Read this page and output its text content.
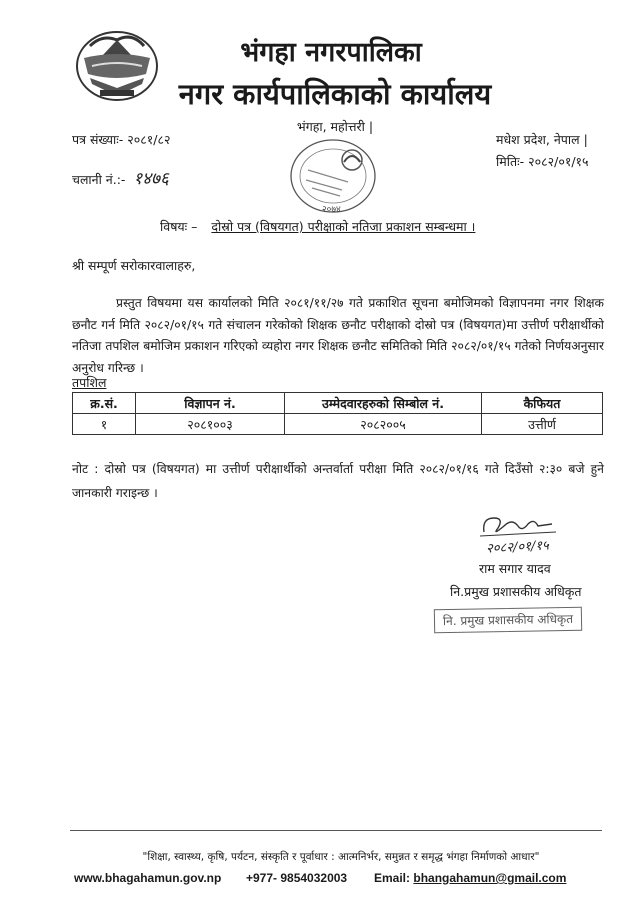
भंगहा नगरपालिका
नगर कार्यपालिकाको कार्यालय
पत्र संख्याः- २०८१/८२
चलानी नं.:- १४७६
भंगहा, महोत्तरी |
२०७४
मधेश प्रदेश, नेपाल |
मितिः- २०८२/०१/१५
विषयः – दोस्रो पत्र (विषयगत) परीक्षाको नतिजा प्रकाशन सम्बन्धमा ।
श्री सम्पूर्ण सरोकारवालाहरु,
प्रस्तुत विषयमा यस कार्यालको मिति २०८१/११/२७ गते प्रकाशित सूचना बमोजिमको विज्ञापनमा नगर शिक्षक छनौट गर्न मिति २०८२/०१/१५ गते संचालन गरेकोको शिक्षक छनौट परीक्षाको दोस्रो पत्र (विषयगत)मा उत्तीर्ण परीक्षार्थीको नतिजा तपशिल बमोजिम प्रकाशन गरिएको व्यहोरा नगर शिक्षक छनौट समितिको मिति २०८२/०१/१५ गतेको निर्णयअनुसार अनुरोध गरिन्छ ।
तपशिल
क्र.सं.	विज्ञापन नं.	उम्मेदवारहरुको सिम्बोल नं.	कैफियत
१	२०८१००३	२०८२००५	उत्तीर्ण
नोट : दोस्रो पत्र (विषयगत) मा उत्तीर्ण परीक्षार्थीको अन्तर्वार्ता परीक्षा मिति २०८२/०१/१६ गते दिउँसो २:३० बजे हुने जानकारी गराइन्छ ।
२०८२/०१/१५
राम सगार यादव
नि.प्रमुख प्रशासकीय अधिकृत
नि. प्रमुख प्रशासकीय अधिकृत
"शिक्षा, स्वास्थ्य, कृषि, पर्यटन, संस्कृति र पूर्वाधार : आत्मनिर्भर, समुन्नत र समृद्ध भंगहा निर्माणको आधार"
www.bhagahamun.gov.np +977- 9854032003 Email: bhangahamun@gmail.com
